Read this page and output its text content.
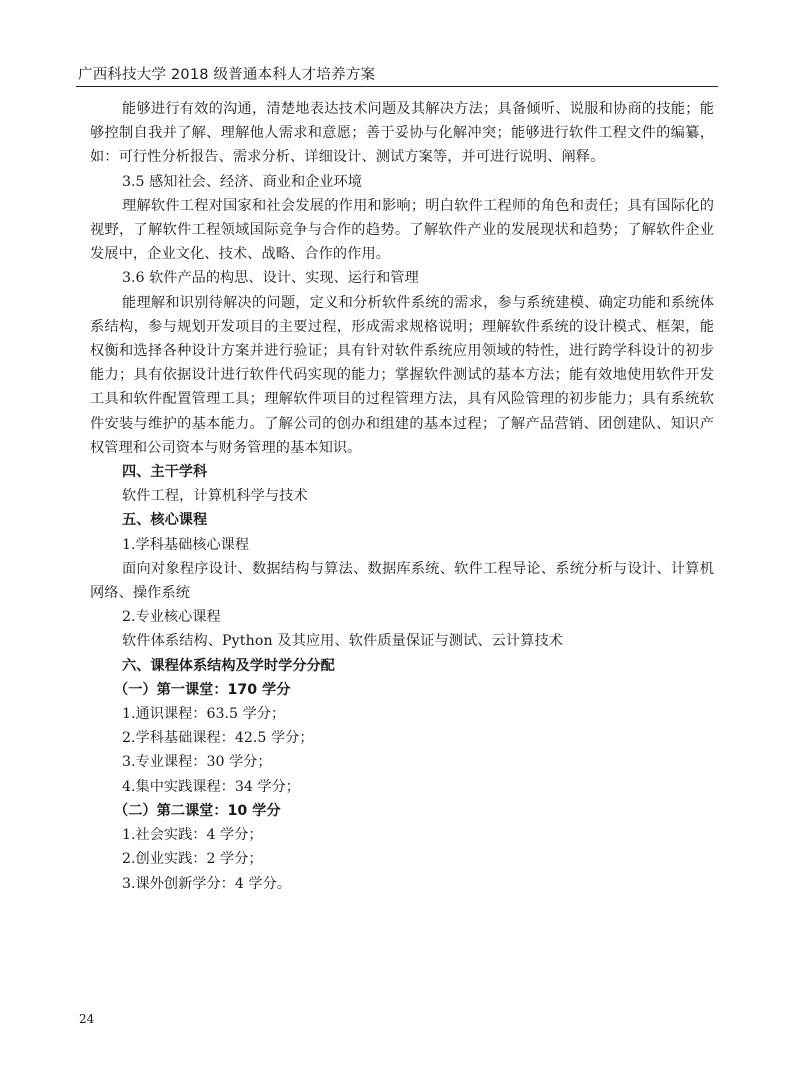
广西科技大学 2018 级普通本科人才培养方案

能够进行有效的沟通，清楚地表达技术问题及其解决方法；具备倾听、说服和协商的技能；能够控制自我并了解、理解他人需求和意愿；善于妥协与化解冲突；能够进行软件工程文件的编纂，如：可行性分析报告、需求分析、详细设计、测试方案等，并可进行说明、阐释。

3.5 感知社会、经济、商业和企业环境

理解软件工程对国家和社会发展的作用和影响；明白软件工程师的角色和责任；具有国际化的视野，了解软件工程领域国际竞争与合作的趋势。了解软件产业的发展现状和趋势；了解软件企业发展中，企业文化、技术、战略、合作的作用。

3.6 软件产品的构思、设计、实现、运行和管理

能理解和识别待解决的问题，定义和分析软件系统的需求，参与系统建模、确定功能和系统体系结构，参与规划开发项目的主要过程，形成需求规格说明；理解软件系统的设计模式、框架，能权衡和选择各种设计方案并进行验证；具有针对软件系统应用领域的特性，进行跨学科设计的初步能力；具有依据设计进行软件代码实现的能力；掌握软件测试的基本方法；能有效地使用软件开发工具和软件配置管理工具；理解软件项目的过程管理方法，具有风险管理的初步能力；具有系统软件安装与维护的基本能力。了解公司的创办和组建的基本过程；了解产品营销、团创建队、知识产权管理和公司资本与财务管理的基本知识。

四、主干学科

软件工程，计算机科学与技术

五、核心课程

1.学科基础核心课程

面向对象程序设计、数据结构与算法、数据库系统、软件工程导论、系统分析与设计、计算机网络、操作系统

2.专业核心课程

软件体系结构、Python 及其应用、软件质量保证与测试、云计算技术

六、课程体系结构及学时学分分配

（一）第一课堂：170 学分

1.通识课程：63.5 学分；

2.学科基础课程：42.5 学分；

3.专业课程：30 学分；

4.集中实践课程：34 学分；

（二）第二课堂：10 学分

1.社会实践：4 学分；

2.创业实践：2 学分；

3.课外创新学分：4 学分。

24
